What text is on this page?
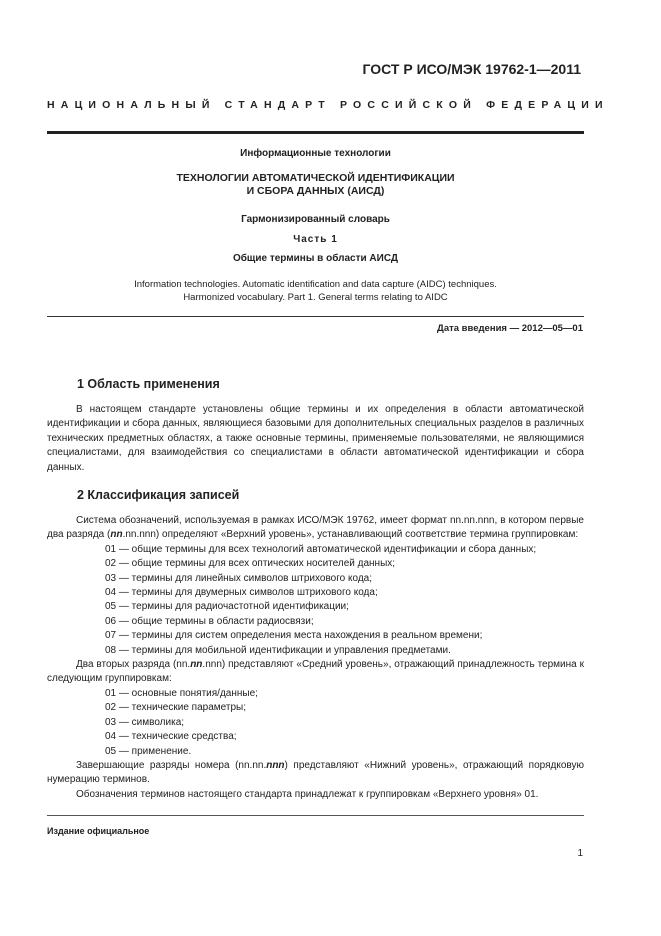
ГОСТ Р ИСО/МЭК 19762-1—2011
НАЦИОНАЛЬНЫЙ СТАНДАРТ РОССИЙСКОЙ ФЕДЕРАЦИИ
Информационные технологии
ТЕХНОЛОГИИ АВТОМАТИЧЕСКОЙ ИДЕНТИФИКАЦИИ
И СБОРА ДАННЫХ (АИСД)
Гармонизированный словарь
Часть 1
Общие термины в области АИСД
Information technologies. Automatic identification and data capture (AIDC) techniques.
Harmonized vocabulary. Part 1. General terms relating to AIDC
Дата введения — 2012—05—01
1 Область применения

В настоящем стандарте установлены общие термины и их определения в области автоматической идентификации и сбора данных, являющиеся базовыми для дополнительных специальных разделов в различных технических предметных областях, а также основные термины, применяемые пользователями, не являющимися специалистами, для взаимодействия со специалистами в области автоматической идентификации и сбора данных.

2 Классификация записей

Система обозначений, используемая в рамках ИСО/МЭК 19762, имеет формат nn.nn.nnn, в котором первые два разряда (nn.nn.nnn) определяют «Верхний уровень», устанавливающий соответствие термина группировкам:

01 — общие термины для всех технологий автоматической идентификации и сбора данных;

02 — общие термины для всех оптических носителей данных;

03 — термины для линейных символов штрихового кода;

04 — термины для двумерных символов штрихового кода;

05 — термины для радиочастотной идентификации;

06 — общие термины в области радиосвязи;

07 — термины для систем определения места нахождения в реальном времени;

08 — термины для мобильной идентификации и управления предметами.

Два вторых разряда (nn.nn.nnn) представляют «Средний уровень», отражающий принадлежность термина к следующим группировкам:

01 — основные понятия/данные;

02 — технические параметры;

03 — символика;

04 — технические средства;

05 — применение.

Завершающие разряды номера (nn.nn.nnn) представляют «Нижний уровень», отражающий порядковую нумерацию терминов.

Обозначения терминов настоящего стандарта принадлежат к группировкам «Верхнего уровня» 01.

Издание официальное
1
